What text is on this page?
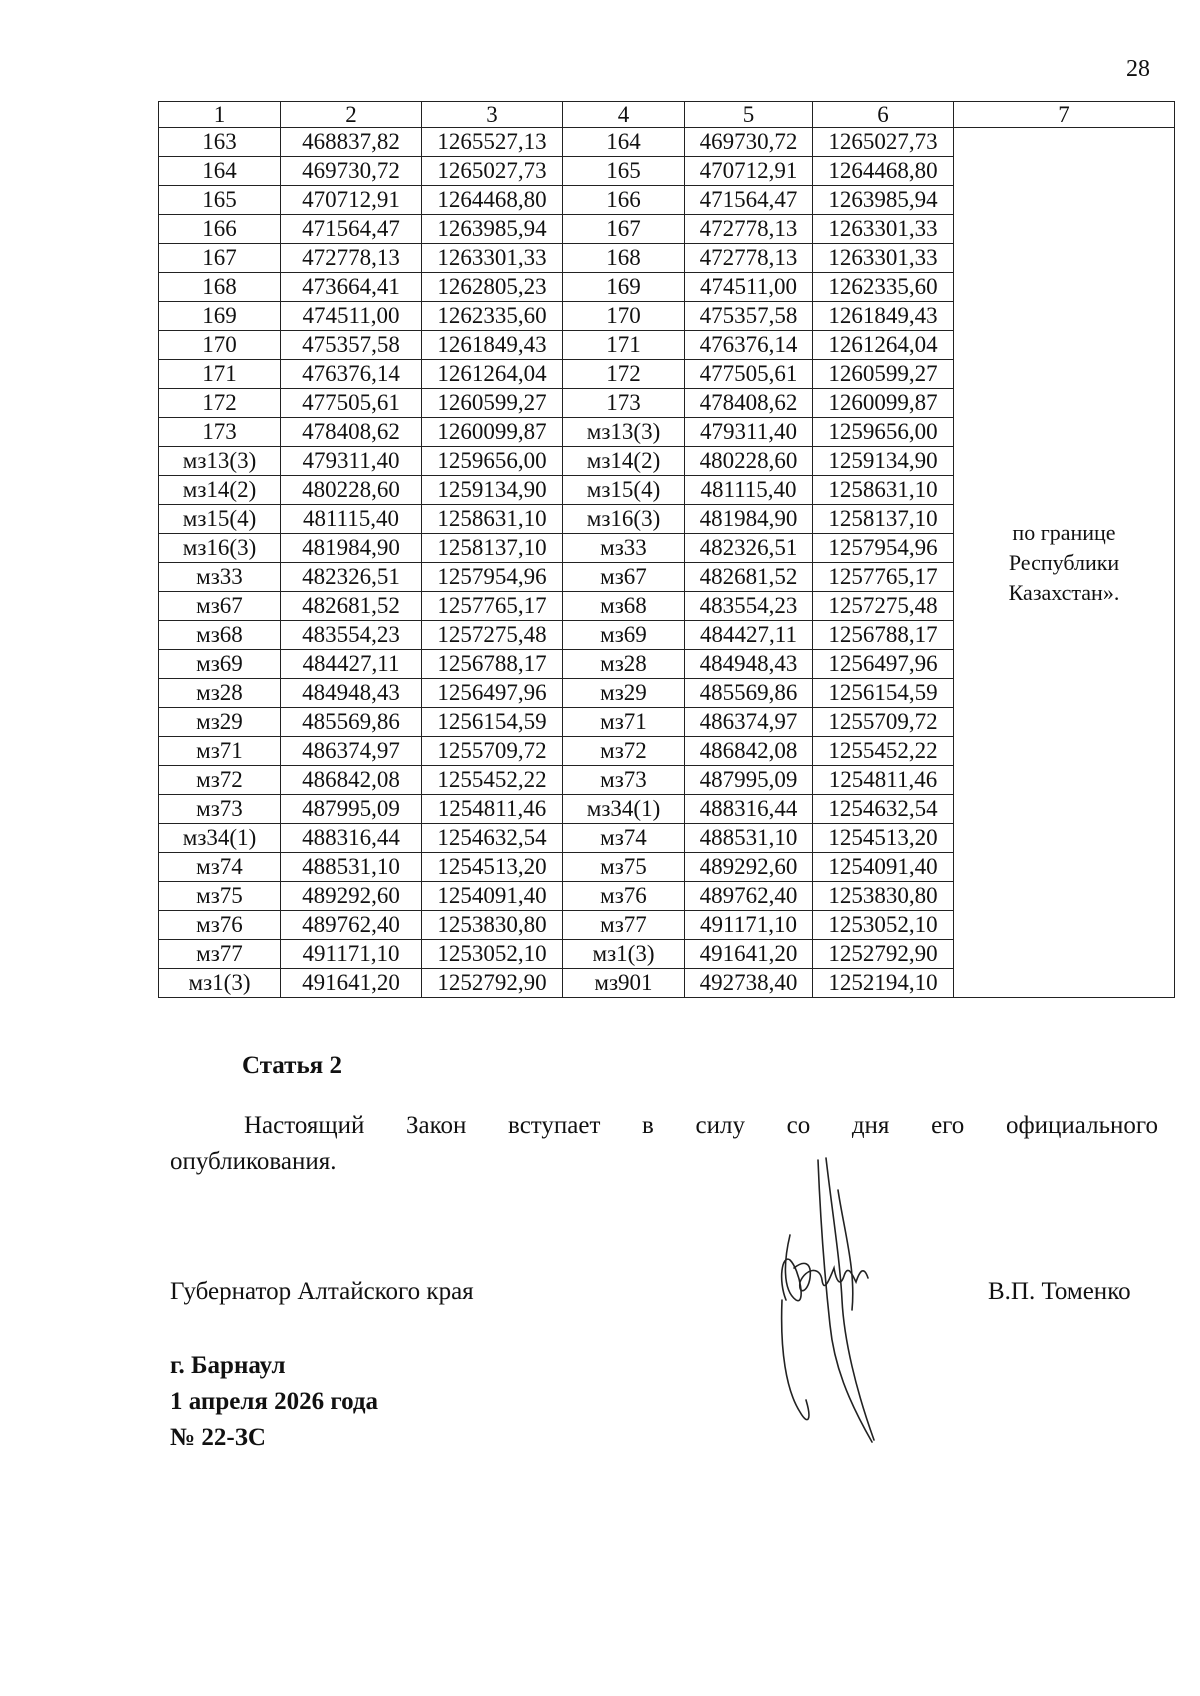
28
1	2	3	4	5	6	7
163	468837,82	1265527,13	164	469730,72	1265027,73	по границе Республики Казахстан».
164	469730,72	1265027,73	165	470712,91	1264468,80	
165	470712,91	1264468,80	166	471564,47	1263985,94	
166	471564,47	1263985,94	167	472778,13	1263301,33	
167	472778,13	1263301,33	168	472778,13	1263301,33	
168	473664,41	1262805,23	169	474511,00	1262335,60	
169	474511,00	1262335,60	170	475357,58	1261849,43	
170	475357,58	1261849,43	171	476376,14	1261264,04	
171	476376,14	1261264,04	172	477505,61	1260599,27	
172	477505,61	1260599,27	173	478408,62	1260099,87	
173	478408,62	1260099,87	мз13(3)	479311,40	1259656,00	
мз13(3)	479311,40	1259656,00	мз14(2)	480228,60	1259134,90	
мз14(2)	480228,60	1259134,90	мз15(4)	481115,40	1258631,10	
мз15(4)	481115,40	1258631,10	мз16(3)	481984,90	1258137,10	
мз16(3)	481984,90	1258137,10	мз33	482326,51	1257954,96	
мз33	482326,51	1257954,96	мз67	482681,52	1257765,17	
мз67	482681,52	1257765,17	мз68	483554,23	1257275,48	
мз68	483554,23	1257275,48	мз69	484427,11	1256788,17	
мз69	484427,11	1256788,17	мз28	484948,43	1256497,96	
мз28	484948,43	1256497,96	мз29	485569,86	1256154,59	
мз29	485569,86	1256154,59	мз71	486374,97	1255709,72	
мз71	486374,97	1255709,72	мз72	486842,08	1255452,22	
мз72	486842,08	1255452,22	мз73	487995,09	1254811,46	
мз73	487995,09	1254811,46	мз34(1)	488316,44	1254632,54	
мз34(1)	488316,44	1254632,54	мз74	488531,10	1254513,20	
мз74	488531,10	1254513,20	мз75	489292,60	1254091,40	
мз75	489292,60	1254091,40	мз76	489762,40	1253830,80	
мз76	489762,40	1253830,80	мз77	491171,10	1253052,10	
мз77	491171,10	1253052,10	мз1(3)	491641,20	1252792,90	
мз1(3)	491641,20	1252792,90	мз901	492738,40	1252194,10	
Статья 2
Настоящий Закон вступает в силу со дня его официального
опубликования.
Губернатор Алтайского края	В.П. Томенко
г. Барнаул
1 апреля 2026 года
№ 22-ЗС
